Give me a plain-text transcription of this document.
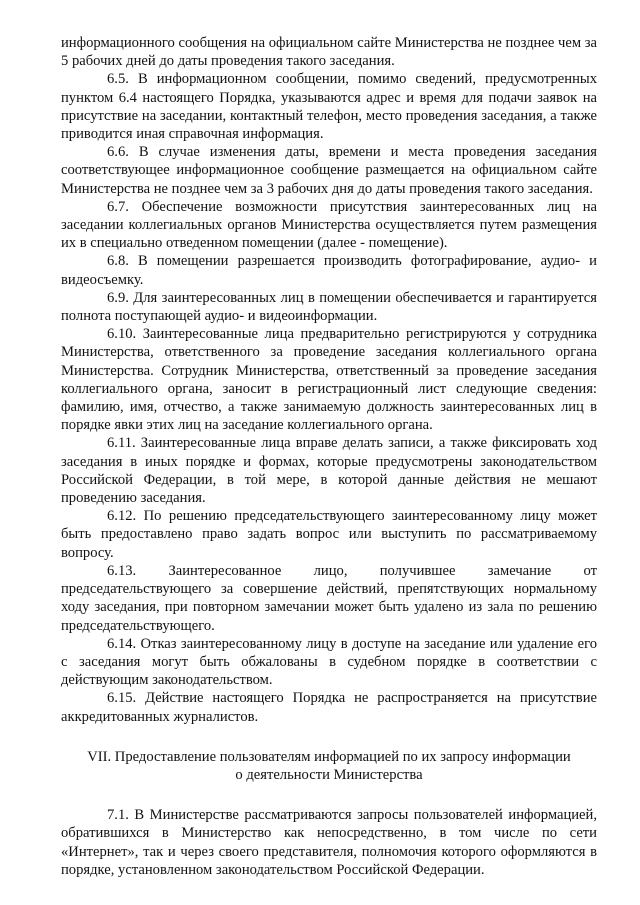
информационного сообщения на официальном сайте Министерства не позднее чем за 5 рабочих дней до даты проведения такого заседания.

6.5. В информационном сообщении, помимо сведений, предусмотренных пунктом 6.4 настоящего Порядка, указываются адрес и время для подачи заявок на присутствие на заседании, контактный телефон, место проведения заседания, а также приводится иная справочная информация.

6.6. В случае изменения даты, времени и места проведения заседания соответствующее информационное сообщение размещается на официальном сайте Министерства не позднее чем за 3 рабочих дня до даты проведения такого заседания.

6.7. Обеспечение возможности присутствия заинтересованных лиц на заседании коллегиальных органов Министерства осуществляется путем размещения их в специально отведенном помещении (далее - помещение).

6.8. В помещении разрешается производить фотографирование, аудио- и видеосъемку.

6.9. Для заинтересованных лиц в помещении обеспечивается и гарантируется полнота поступающей аудио- и видеоинформации.

6.10. Заинтересованные лица предварительно регистрируются у сотрудника Министерства, ответственного за проведение заседания коллегиального органа Министерства. Сотрудник Министерства, ответственный за проведение заседания коллегиального органа, заносит в регистрационный лист следующие сведения: фамилию, имя, отчество, а также занимаемую должность заинтересованных лиц в порядке явки этих лиц на заседание коллегиального органа.

6.11. Заинтересованные лица вправе делать записи, а также фиксировать ход заседания в иных порядке и формах, которые предусмотрены законодательством Российской Федерации, в той мере, в которой данные действия не мешают проведению заседания.

6.12. По решению председательствующего заинтересованному лицу может быть предоставлено право задать вопрос или выступить по рассматриваемому вопросу.

6.13. Заинтересованное лицо, получившее замечание от председательствующего за совершение действий, препятствующих нормальному ходу заседания, при повторном замечании может быть удалено из зала по решению председательствующего.

6.14. Отказ заинтересованному лицу в доступе на заседание или удаление его с заседания могут быть обжалованы в судебном порядке в соответствии с действующим законодательством.

6.15. Действие настоящего Порядка не распространяется на присутствие аккредитованных журналистов.

VII. Предоставление пользователям информацией по их запросу информации
о деятельности Министерства

7.1. В Министерстве рассматриваются запросы пользователей информацией, обратившихся в Министерство как непосредственно, в том числе по сети «Интернет», так и через своего представителя, полномочия которого оформляются в порядке, установленном законодательством Российской Федерации.
